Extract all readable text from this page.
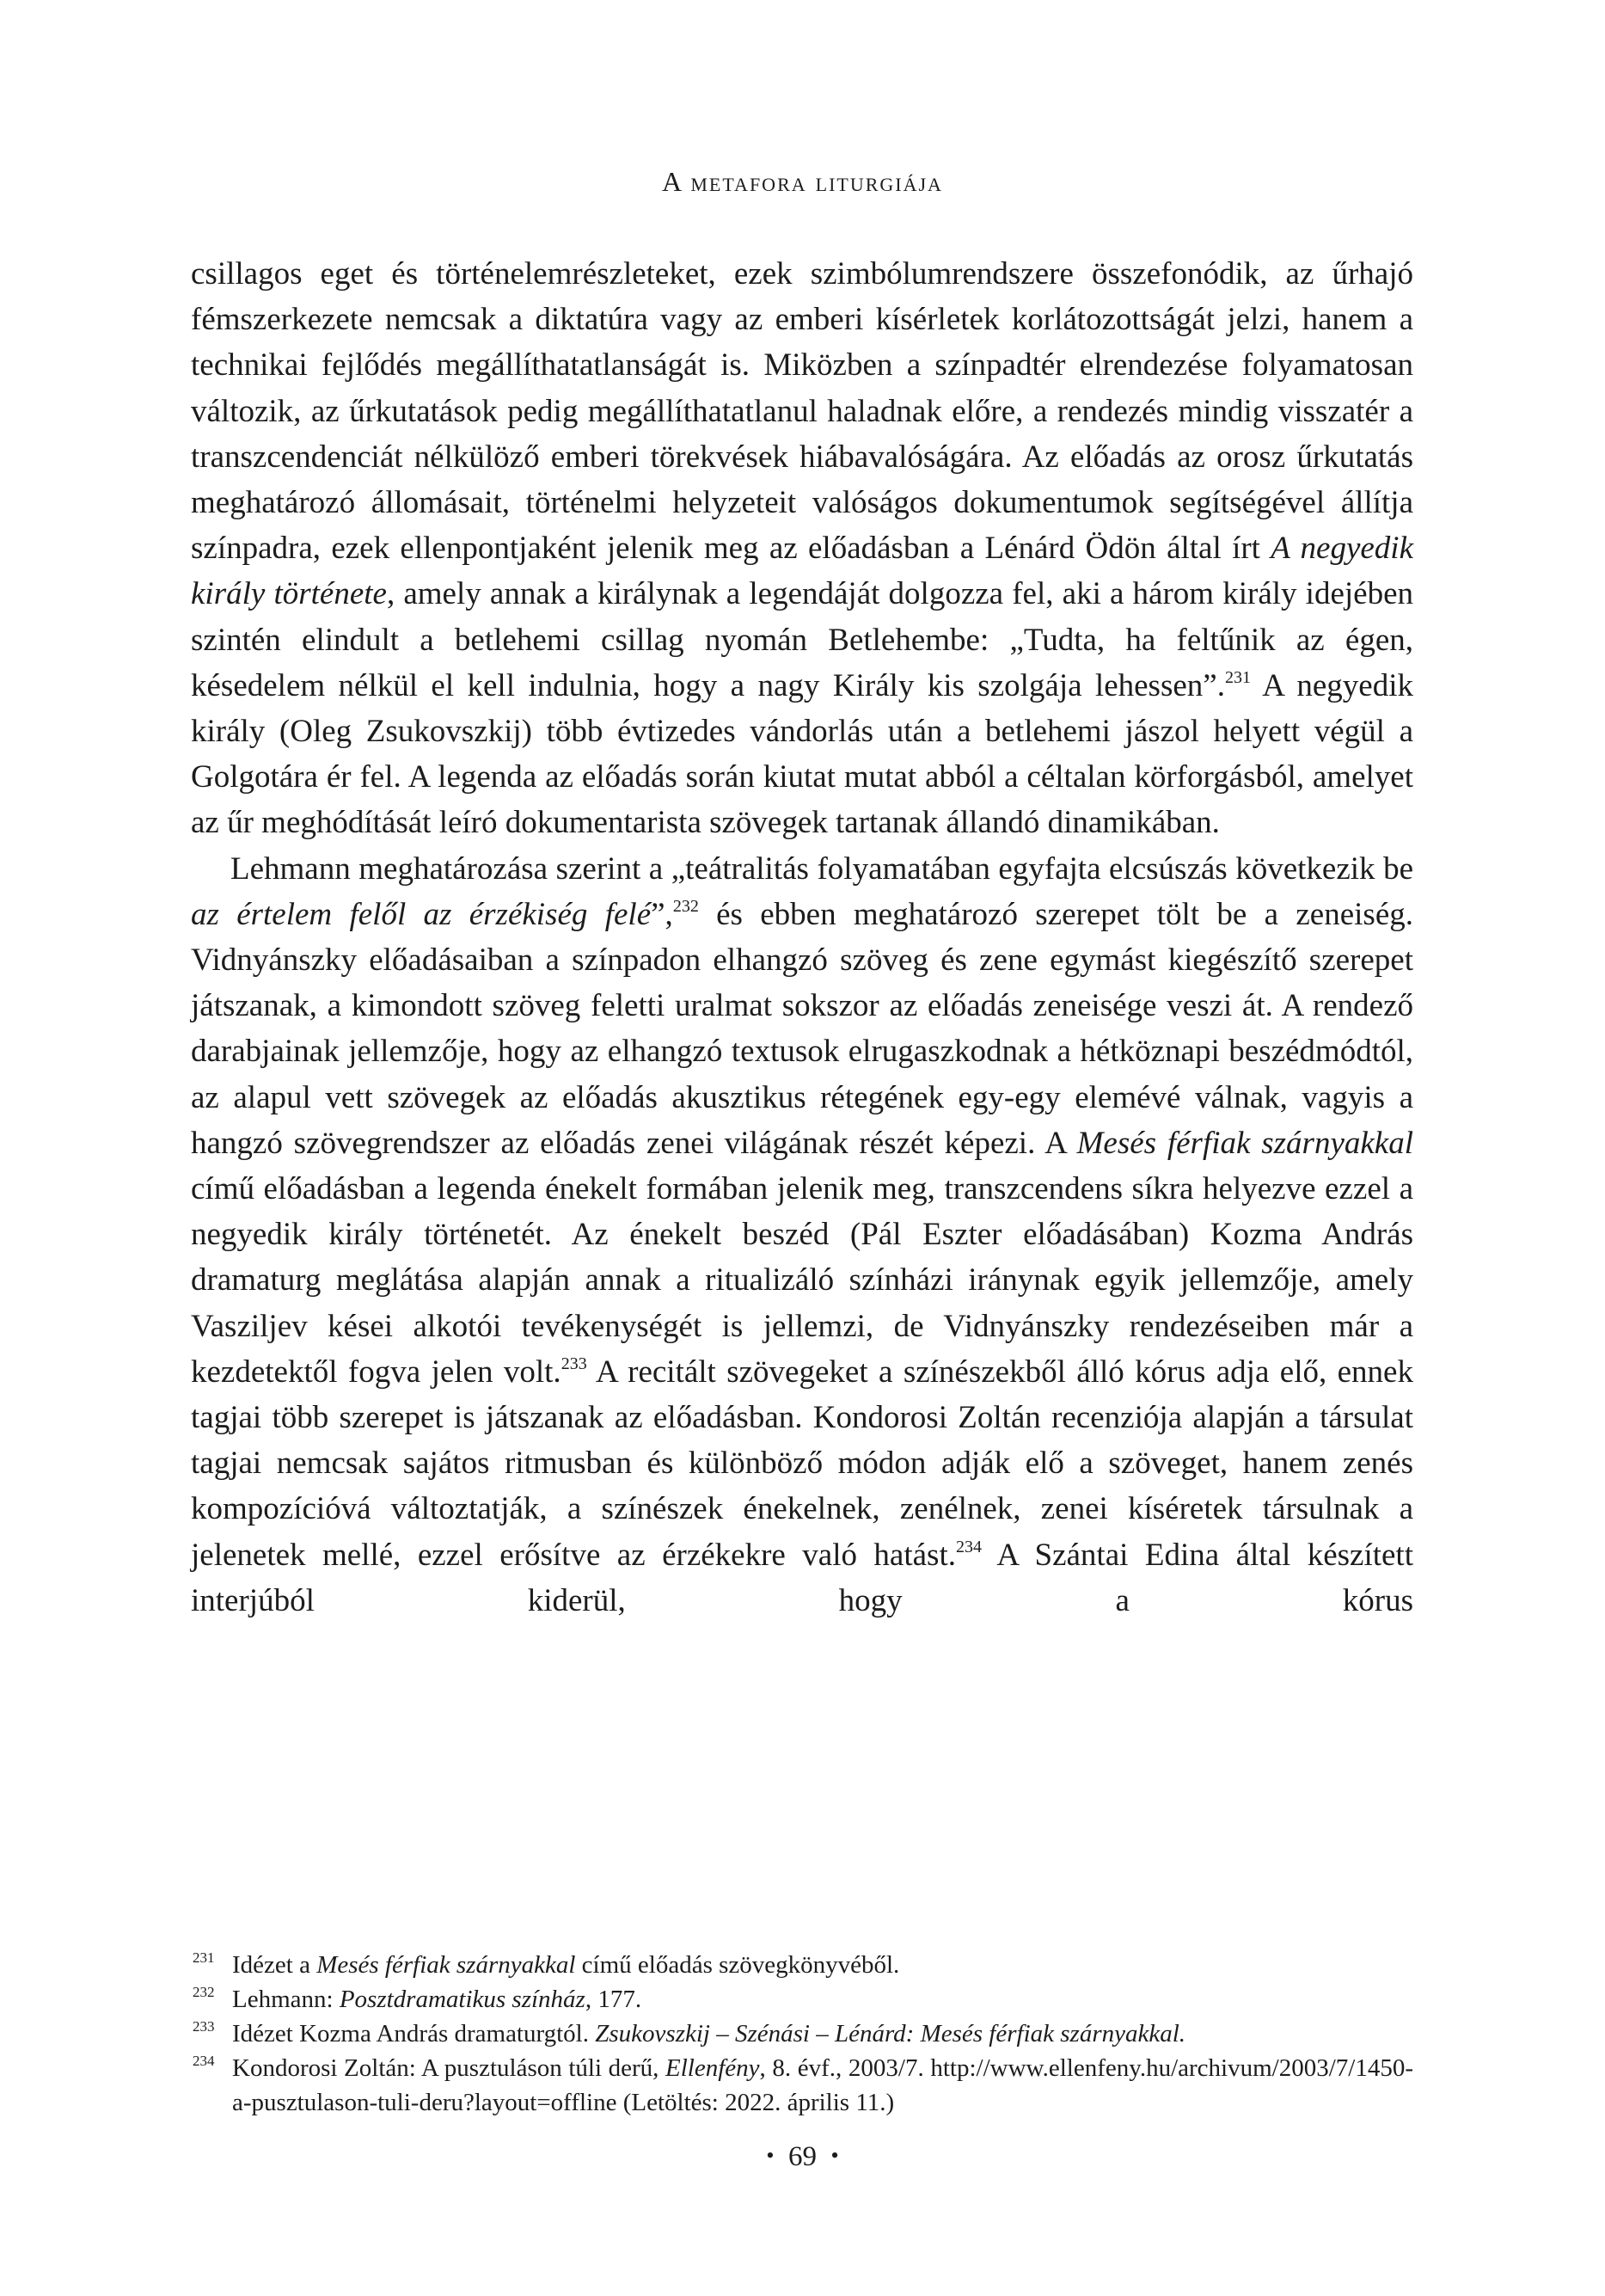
A metafora liturgiája

csillagos eget és történelemrészleteket, ezek szimbólumrendszere összefonódik, az űrhajó fémszerkezete nemcsak a diktatúra vagy az emberi kísérletek korlátozottságát jelzi, hanem a technikai fejlődés megállíthatatlanságát is. Miközben a színpadtér elrendezése folyamatosan változik, az űrkutatások pedig megállíthatatlanul haladnak előre, a rendezés mindig visszatér a transzcendenciát nélkülöző emberi törekvések hiábavalóságára. Az előadás az orosz űrkutatás meghatározó állomásait, történelmi helyzeteit valóságos dokumentumok segítségével állítja színpadra, ezek ellenpontjaként jelenik meg az előadásban a Lénárd Ödön által írt A negyedik király története, amely annak a királynak a legendáját dolgozza fel, aki a három király idejében szintén elindult a betlehemi csillag nyomán Betlehembe: „Tudta, ha feltűnik az égen, késedelem nélkül el kell indulnia, hogy a nagy Király kis szolgája lehessen”.$^{231}$ A negyedik király (Oleg Zsukovszkij) több évtizedes vándorlás után a betlehemi jászol helyett végül a Golgotára ér fel. A legenda az előadás során kiutat mutat abból a céltalan körforgásból, amelyet az űr meghódítását leíró dokumentarista szövegek tartanak állandó dinamikában.

Lehmann meghatározása szerint a „teátralitás folyamatában egyfajta elcsúszás következik be az értelem felől az érzékiség felé”,$^{232}$ és ebben meghatározó szerepet tölt be a zeneiség. Vidnyánszky előadásaiban a színpadon elhangzó szöveg és zene egymást kiegészítő szerepet játszanak, a kimondott szöveg feletti uralmat sokszor az előadás zeneisége veszi át. A rendező darabjainak jellemzője, hogy az elhangzó textusok elrugaszkodnak a hétköznapi beszédmódtól, az alapul vett szövegek az előadás akusztikus rétegének egy-egy elemévé válnak, vagyis a hangzó szövegrendszer az előadás zenei világának részét képezi. A Mesés férfiak szárnyakkal című előadásban a legenda énekelt formában jelenik meg, transzcendens síkra helyezve ezzel a negyedik király történetét. Az énekelt beszéd (Pál Eszter előadásában) Kozma András dramaturg meglátása alapján annak a ritualizáló színházi iránynak egyik jellemzője, amely Vasziljev kései alkotói tevékenységét is jellemzi, de Vidnyánszky rendezéseiben már a kezdetektől fogva jelen volt.$^{233}$ A recitált szövegeket a színészekből álló kórus adja elő, ennek tagjai több szerepet is játszanak az előadásban. Kondorosi Zoltán recenziója alapján a társulat tagjai nemcsak sajátos ritmusban és különböző módon adják elő a szöveget, hanem zenés kompozícióvá változtatják, a színészek énekelnek, zenélnek, zenei kíséretek társulnak a jelenetek mellé, ezzel erősítve az érzékekre való hatást.$^{234}$ A Szántai Edina által készített interjúból kiderül, hogy a kórus

231 Idézet a Mesés férfiak szárnyakkal című előadás szövegkönyvéből.
232 Lehmann: Posztdramatikus színház, 177.
233 Idézet Kozma András dramaturgtól. Zsukovszkij – Szénási – Lénárd: Mesés férfiak szárnyakkal.
234 Kondorosi Zoltán: A pusztuláson túli derű, Ellenfény, 8. évf., 2003/7. http://www.ellenfeny.hu/archivum/2003/7/1450-a-pusztulason-tuli-deru?layout=offline (Letöltés: 2022. április 11.)
• 69 •
